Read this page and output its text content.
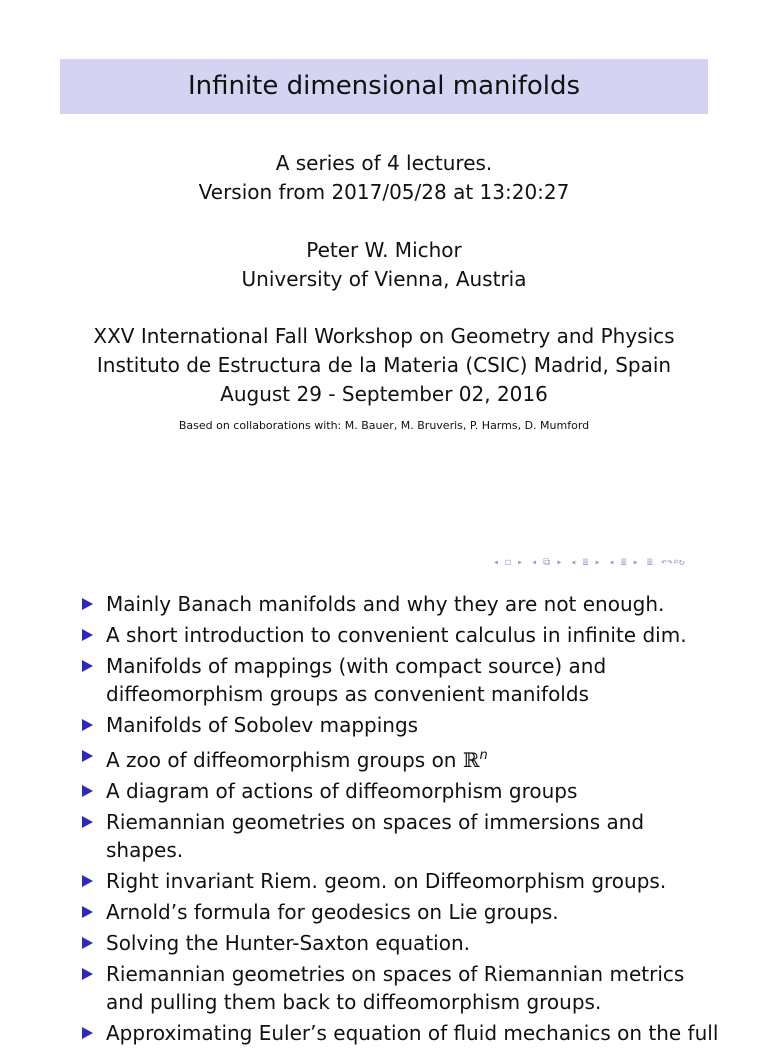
Infinite dimensional manifolds
A series of 4 lectures.
Version from 2017/05/28 at 13:20:27
Peter W. Michor
University of Vienna, Austria
XXV International Fall Workshop on Geometry and Physics
Instituto de Estructura de la Materia (CSIC) Madrid, Spain
August 29 - September 02, 2016
Based on collaborations with: M. Bauer, M. Bruveris, P. Harms, D. Mumford
◂ ◻ ▸ ◂ ⧉ ▸ ◂ ≣ ▸ ◂ ≣ ▸ ≣ ↶↷⌕↻
Mainly Banach manifolds and why they are not enough.
A short introduction to convenient calculus in infinite dim.
Manifolds of mappings (with compact source) and diffeomorphism groups as convenient manifolds
Manifolds of Sobolev mappings
A zoo of diffeomorphism groups on ℝ$^n$
A diagram of actions of diffeomorphism groups
Riemannian geometries on spaces of immersions and shapes.
Right invariant Riem. geom. on Diffeomorphism groups.
Arnold’s formula for geodesics on Lie groups.
Solving the Hunter-Saxton equation.
Riemannian geometries on spaces of Riemannian metrics and pulling them back to diffeomorphism groups.
Approximating Euler’s equation of fluid mechanics on the full
